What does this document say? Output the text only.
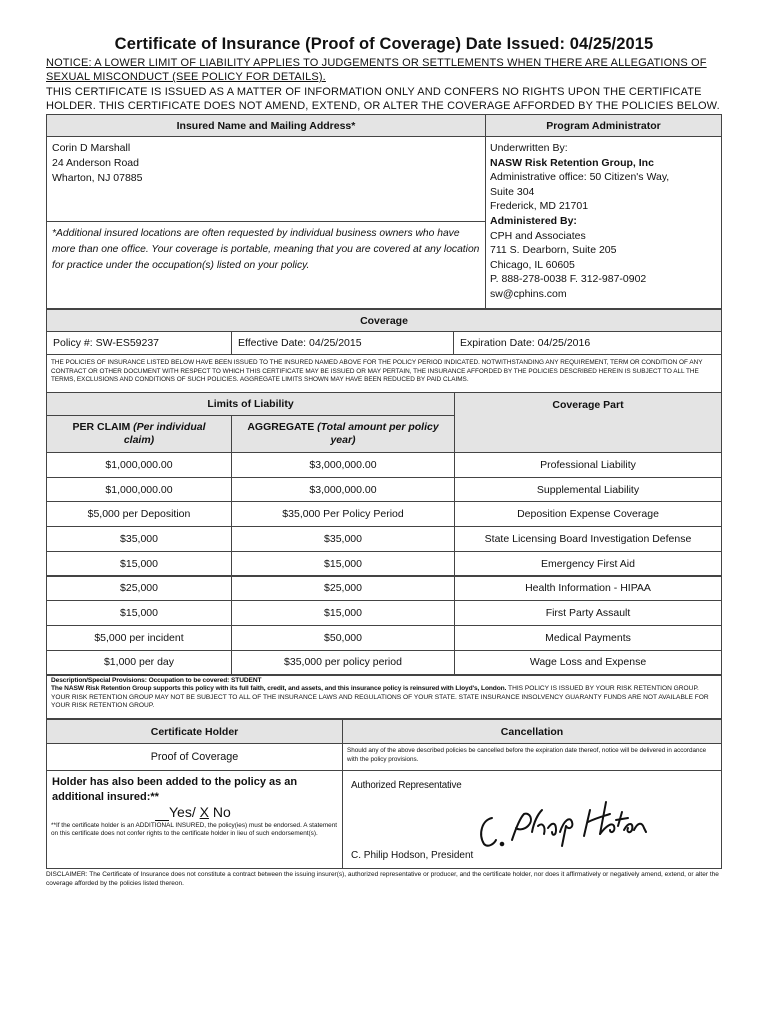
Certificate of Insurance (Proof of Coverage) Date Issued: 04/25/2015
NOTICE: A LOWER LIMIT OF LIABILITY APPLIES TO JUDGEMENTS OR SETTLEMENTS WHEN THERE ARE ALLEGATIONS OF SEXUAL MISCONDUCT (SEE POLICY FOR DETAILS).
THIS CERTIFICATE IS ISSUED AS A MATTER OF INFORMATION ONLY AND CONFERS NO RIGHTS UPON THE CERTIFICATE HOLDER. THIS CERTIFICATE DOES NOT AMEND, EXTEND, OR ALTER THE COVERAGE AFFORDED BY THE POLICIES BELOW.
Insured Name and Mailing Address*	Program Administrator
Corin D Marshall
24 Anderson Road
Wharton, NJ 07885
*Additional insured locations are often requested by individual business owners who have more than one office. Your coverage is portable, meaning that you are covered at any location for practice under the occupation(s) listed on your policy.
Underwritten By:
NASW Risk Retention Group, Inc
Administrative office: 50 Citizen's Way,
Suite 304
Frederick, MD 21701
Administered By:
CPH and Associates
711 S. Dearborn, Suite 205
Chicago, IL 60605
P. 888-278-0038 F. 312-987-0902
sw@cphins.com
Coverage
Policy #: SW-ES59237	Effective Date: 04/25/2015	Expiration Date: 04/25/2016
THE POLICIES OF INSURANCE LISTED BELOW HAVE BEEN ISSUED TO THE INSURED NAMED ABOVE FOR THE POLICY PERIOD INDICATED. NOTWITHSTANDING ANY REQUIREMENT, TERM OR CONDITION OF ANY CONTRACT OR OTHER DOCUMENT WITH RESPECT TO WHICH THIS CERTIFICATE MAY BE ISSUED OR MAY PERTAIN, THE INSURANCE AFFORDED BY THE POLICIES DESCRIBED HEREIN IS SUBJECT TO ALL THE TERMS, EXCLUSIONS AND CONDITIONS OF SUCH POLICIES. AGGREGATE LIMITS SHOWN MAY HAVE BEEN REDUCED BY PAID CLAIMS.
Limits of Liability	Coverage Part
PER CLAIM (Per individual claim)
AGGREGATE (Total amount per policy year)
$1,000,000.00	$3,000,000.00	Professional Liability
$1,000,000.00	$3,000,000.00	Supplemental Liability
$5,000 per Deposition	$35,000 Per Policy Period	Deposition Expense Coverage
$35,000	$35,000	State Licensing Board Investigation Defense
$15,000	$15,000	Emergency First Aid
$25,000	$25,000	Health Information - HIPAA
$15,000	$15,000	First Party Assault
$5,000 per incident	$50,000	Medical Payments
$1,000 per day	$35,000 per policy period	Wage Loss and Expense
Description/Special Provisions: Occupation to be covered: STUDENT
The NASW Risk Retention Group supports this policy with its full faith, credit, and assets, and this insurance policy is reinsured with Lloyd's, London. THIS POLICY IS ISSUED BY YOUR RISK RETENTION GROUP. YOUR RISK RETENTION GROUP MAY NOT BE SUBJECT TO ALL OF THE INSURANCE LAWS AND REGULATIONS OF YOUR STATE. STATE INSURANCE INSOLVENCY GUARANTY FUNDS ARE NOT AVAILABLE FOR YOUR RISK RETENTION GROUP.
Certificate Holder	Cancellation
Proof of Coverage
Should any of the above described policies be cancelled before the expiration date thereof, notice will be delivered in accordance with the policy provisions.
Holder has also been added to the policy as an
additional insured:**
Yes/ X No
**If the certificate holder is an ADDITIONAL INSURED, the policy(ies) must be endorsed. A statement on this certificate does not confer rights to the certificate holder in lieu of such endorsement(s).
Authorized Representative
C. Philip Hodson, President
DISCLAIMER: The Certificate of Insurance does not constitute a contract between the issuing insurer(s), authorized representative or producer, and the certificate holder, nor does it affirmatively or negatively amend, extend, or alter the coverage afforded by the policies listed thereon.
